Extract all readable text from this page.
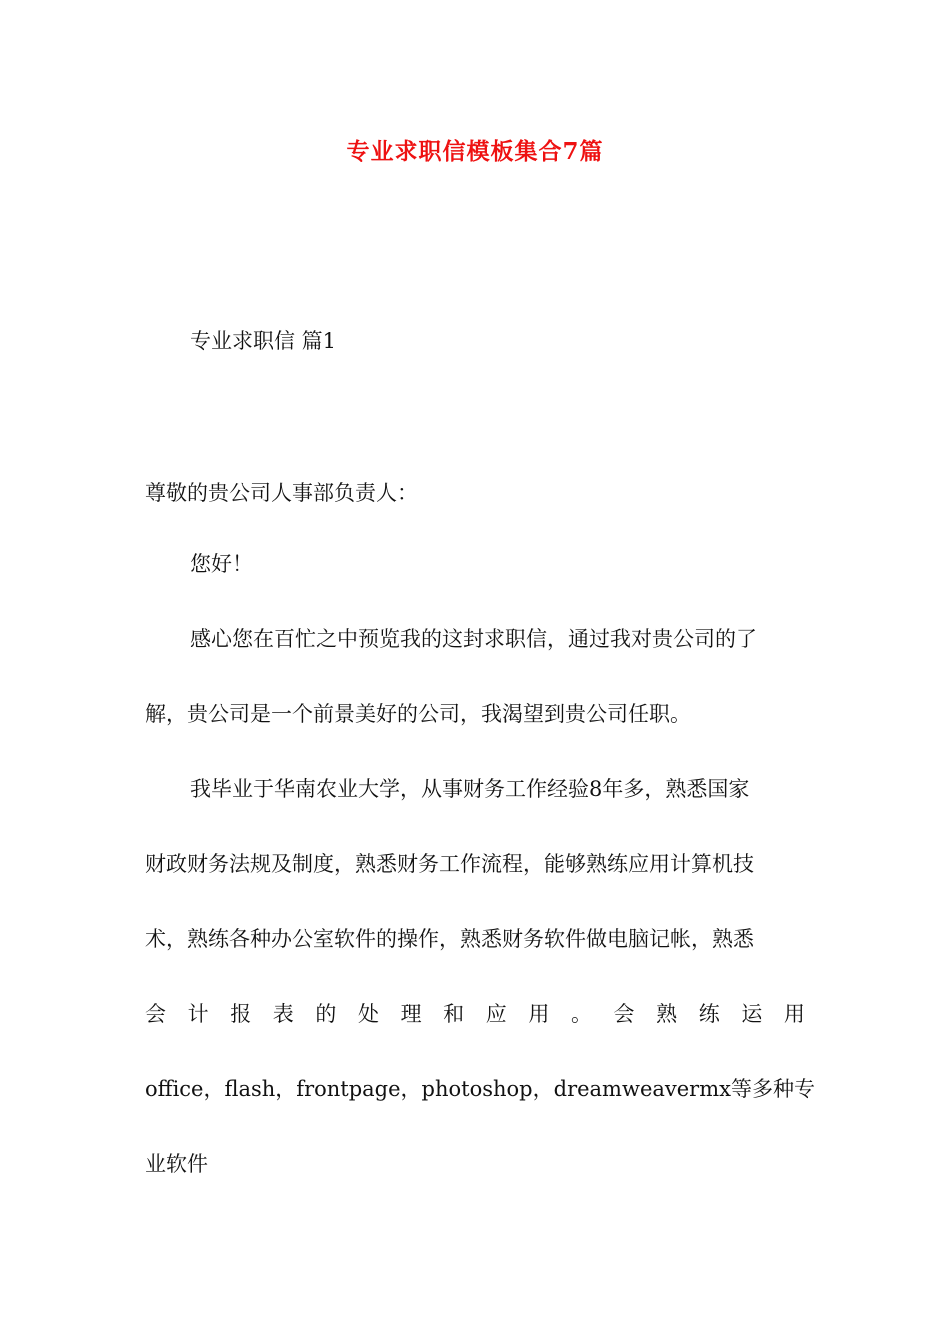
专业求职信模板集合7篇
专业求职信 篇1
尊敬的贵公司人事部负责人：
您好！
感心您在百忙之中预览我的这封求职信，通过我对贵公司的了
解，贵公司是一个前景美好的公司，我渴望到贵公司任职。
我毕业于华南农业大学，从事财务工作经验8年多，熟悉国家
财政财务法规及制度，熟悉财务工作流程，能够熟练应用计算机技
术，熟练各种办公室软件的操作，熟悉财务软件做电脑记帐，熟悉
会 计 报 表 的 处 理 和 应 用 。 会 熟 练 运 用
office，flash，frontpage，photoshop，dreamweavermx等多种专
业软件
